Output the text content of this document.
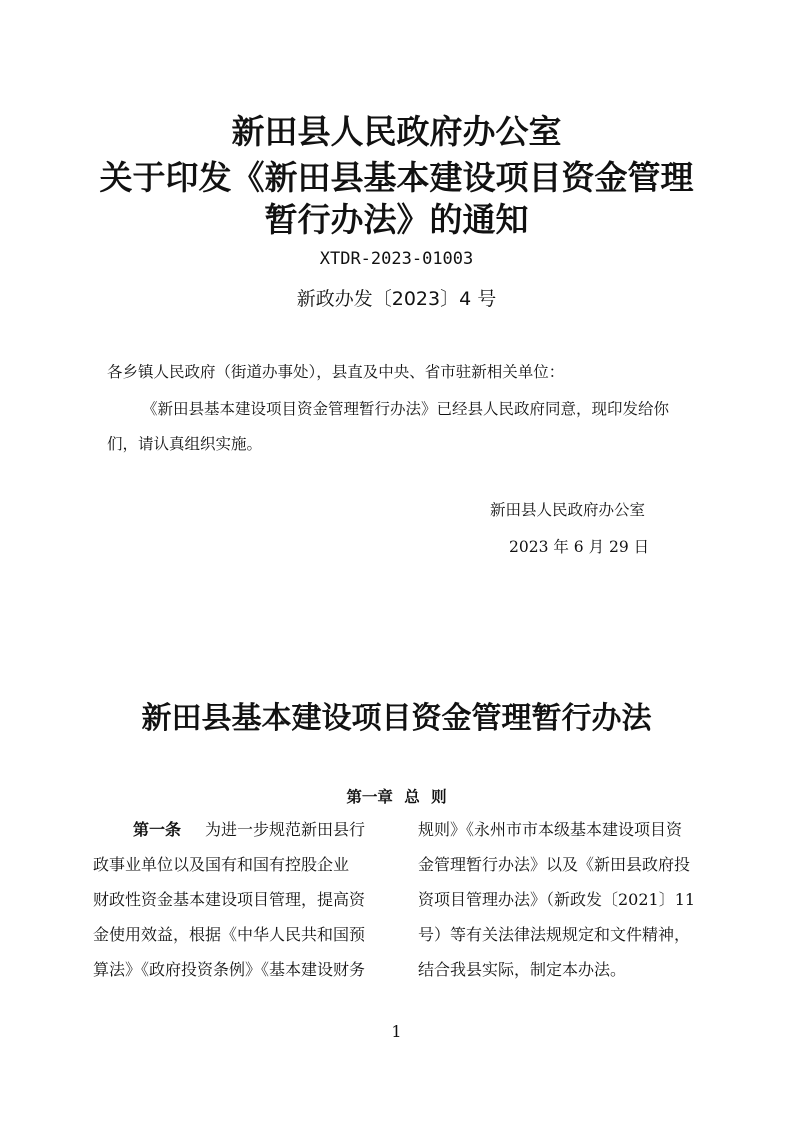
新田县人民政府办公室
关于印发《新田县基本建设项目资金管理
暂行办法》的通知
XTDR-2023-01003
新政办发〔2023〕4 号
各乡镇人民政府（街道办事处），县直及中央、省市驻新相关单位：
《新田县基本建设项目资金管理暂行办法》已经县人民政府同意，现印发给你
们，请认真组织实施。
新田县人民政府办公室
2023 年 6 月 29 日
新田县基本建设项目资金管理暂行办法
第一章 总 则
第一条 为进一步规范新田县行
政事业单位以及国有和国有控股企业
财政性资金基本建设项目管理，提高资
金使用效益，根据《中华人民共和国预
算法》《政府投资条例》《基本建设财务
规则》《永州市市本级基本建设项目资
金管理暂行办法》以及《新田县政府投
资项目管理办法》（新政发〔2021〕11
号）等有关法律法规规定和文件精神，
结合我县实际，制定本办法。
1
